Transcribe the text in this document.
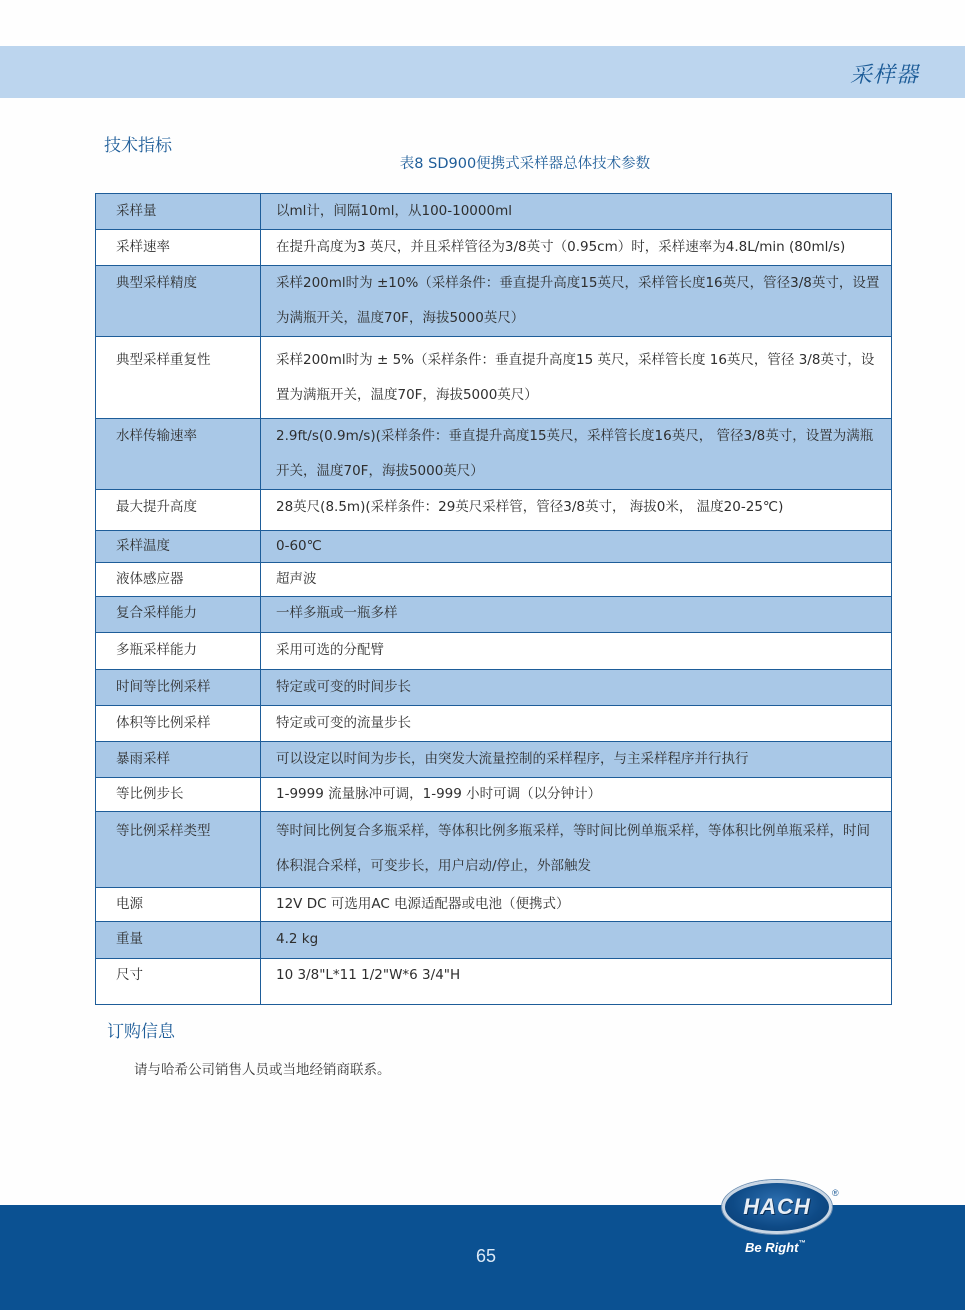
采样器
技术指标
表8 SD900便携式采样器总体技术参数
采样量	以ml计，间隔10ml，从100-10000ml
采样速率	在提升高度为3 英尺，并且采样管径为3/8英寸（0.95cm）时，采样速率为4.8L/min (80ml/s)
典型采样精度	采样200ml时为 ±10%（采样条件：垂直提升高度15英尺，采样管长度16英尺，管径3/8英寸，设置为满瓶开关，温度70F，海拔5000英尺）
典型采样重复性	采样200ml时为 ± 5%（采样条件：垂直提升高度15 英尺，采样管长度 16英尺，管径 3/8英寸，设置为满瓶开关，温度70F，海拔5000英尺）
水样传输速率	2.9ft/s(0.9m/s)(采样条件：垂直提升高度15英尺，采样管长度16英尺， 管径3/8英寸，设置为满瓶开关，温度70F，海拔5000英尺）
最大提升高度	28英尺(8.5m)(采样条件：29英尺采样管，管径3/8英寸， 海拔0米， 温度20-25℃)
采样温度	0-60℃
液体感应器	超声波
复合采样能力	一样多瓶或一瓶多样
多瓶采样能力	采用可选的分配臂
时间等比例采样	特定或可变的时间步长
体积等比例采样	特定或可变的流量步长
暴雨采样	可以设定以时间为步长，由突发大流量控制的采样程序，与主采样程序并行执行
等比例步长	1-9999 流量脉冲可调，1-999 小时可调（以分钟计）
等比例采样类型	等时间比例复合多瓶采样，等体积比例多瓶采样，等时间比例单瓶采样，等体积比例单瓶采样，时间体积混合采样，可变步长，用户启动/停止，外部触发
电源	12V DC 可选用AC 电源适配器或电池（便携式）
重量	4.2 kg
尺寸	10 3/8"L*11 1/2"W*6 3/4"H
订购信息
请与哈希公司销售人员或当地经销商联系。
65
HACH
®
Be Right™
